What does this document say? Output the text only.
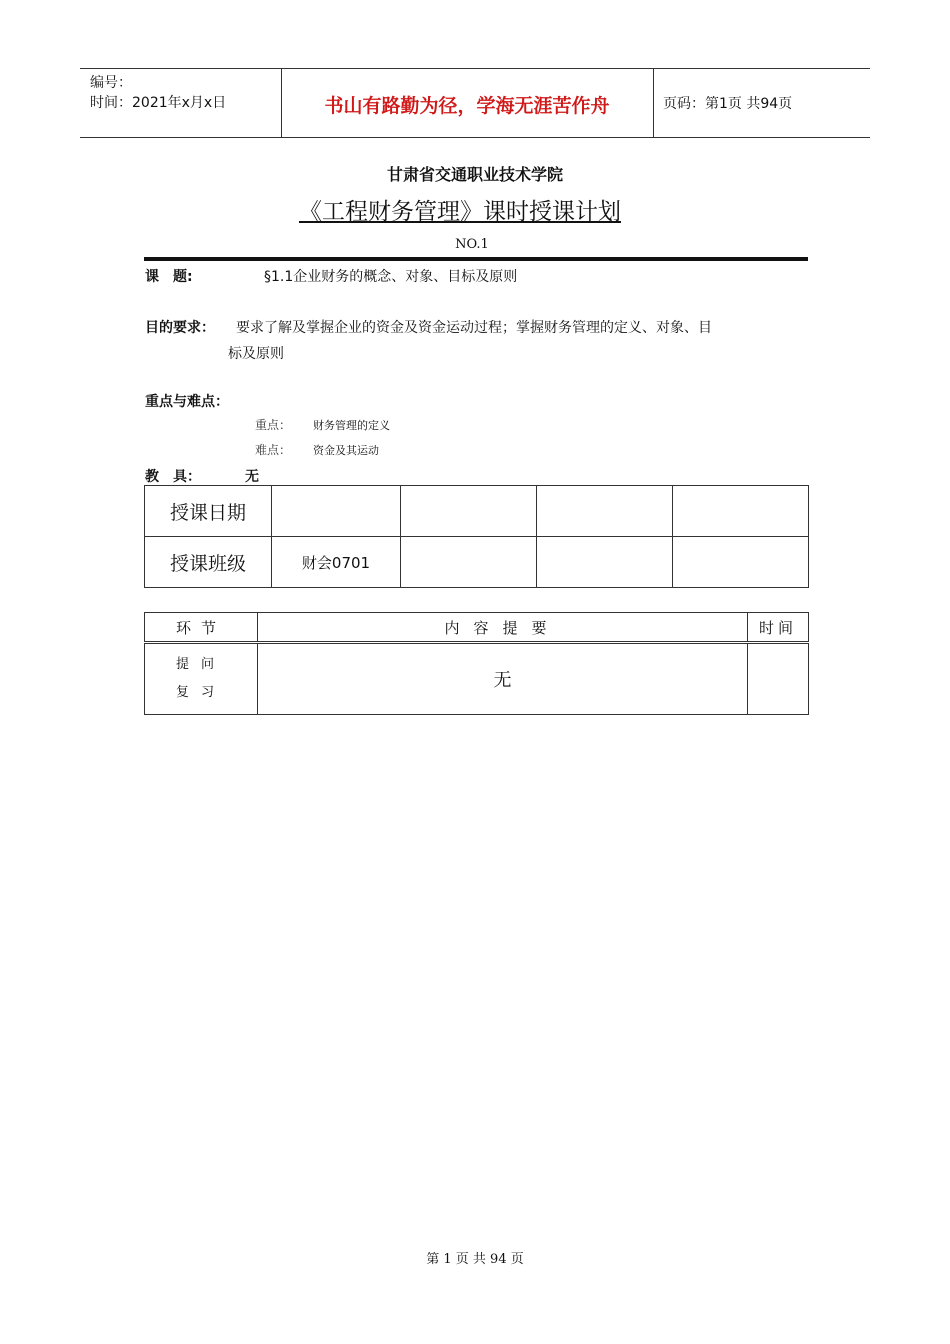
编号：
时间：2021年x月x日	书山有路勤为径，学海无涯苦作舟	页码：第1页 共94页
甘肃省交通职业技术学院
《工程财务管理》课时授课计划
NO.1
课　题:	§1.1企业财务的概念、对象、目标及原则
目的要求： 要求了解及掌握企业的资金及资金运动过程；掌握财务管理的定义、对象、目
标及原则
重点与难点：
重点： 财务管理的定义
难点： 资金及其运动
教　具：	无
授课日期				
授课班级	财会0701			
环节	内容提要	时间

提问
复习	无	
第 1 页 共 94 页
